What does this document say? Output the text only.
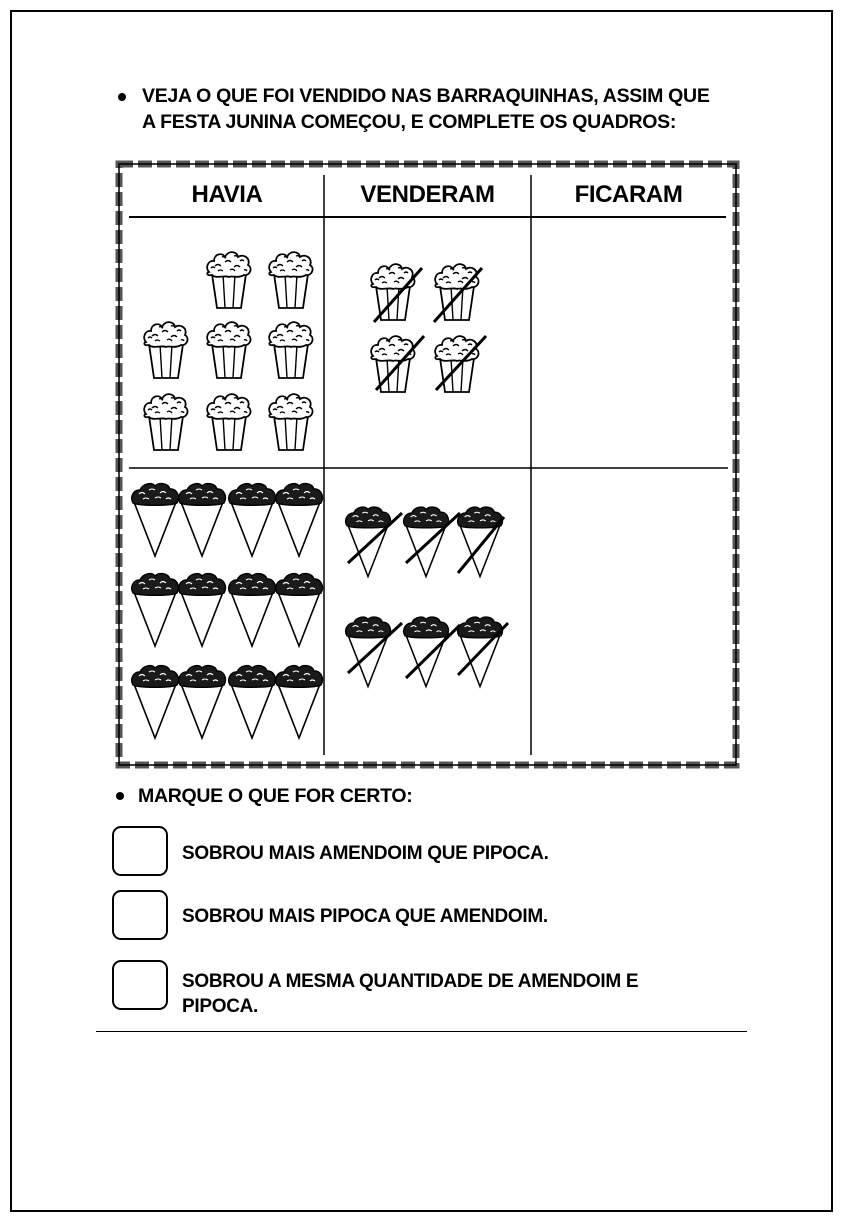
VEJA O QUE FOI VENDIDO NAS BARRAQUINHAS, ASSIM QUE
A FESTA JUNINA COMEÇOU, E COMPLETE OS QUADROS:
HAVIA	VENDERAM	FICARAM
MARQUE O QUE FOR CERTO:
SOBROU MAIS AMENDOIM QUE PIPOCA.
SOBROU MAIS PIPOCA QUE AMENDOIM.
SOBROU A MESMA QUANTIDADE DE AMENDOIM E PIPOCA.
